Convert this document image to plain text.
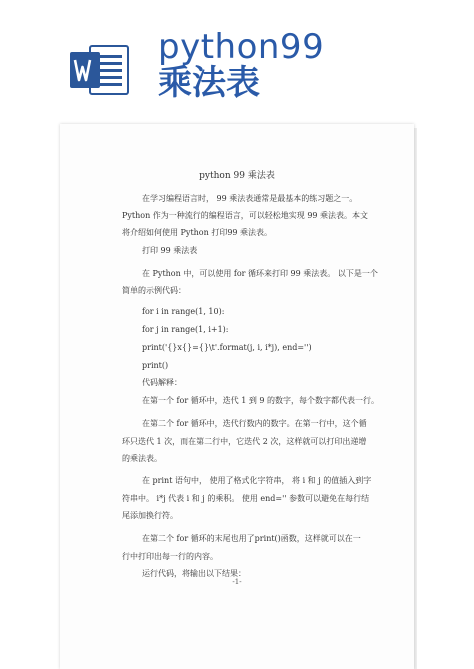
python99
乘法表
python 99 乘法表
在学习编程语言时， 99 乘法表通常是最基本的练习题之一。
Python 作为一种流行的编程语言，可以轻松地实现 99 乘法表。本文
将介绍如何使用 Python 打印99 乘法表。
打印 99 乘法表
在 Python 中，可以使用 for 循环来打印 99 乘法表。 以下是一个
简单的示例代码：
for i in range(1, 10):
for j in range(1, i+1):
print('{}x{}={}\t'.format(j, i, i*j), end='')
print()
代码解释：
在第一个 for 循环中，迭代 1 到 9 的数字，每个数字都代表一行。
在第二个 for 循环中，迭代行数内的数字。在第一行中，这个循
环只迭代 1 次，而在第二行中，它迭代 2 次，这样就可以打印出递增
的乘法表。
在 print 语句中， 使用了格式化字符串， 将 i 和 j 的值插入到字
符串中。 i*j 代表 i 和 j 的乘积。 使用 end='' 参数可以避免在每行结
尾添加换行符。
在第二个 for 循环的末尾也用了print()函数，这样就可以在一
行中打印出每一行的内容。
运行代码，将输出以下结果：
-1-
